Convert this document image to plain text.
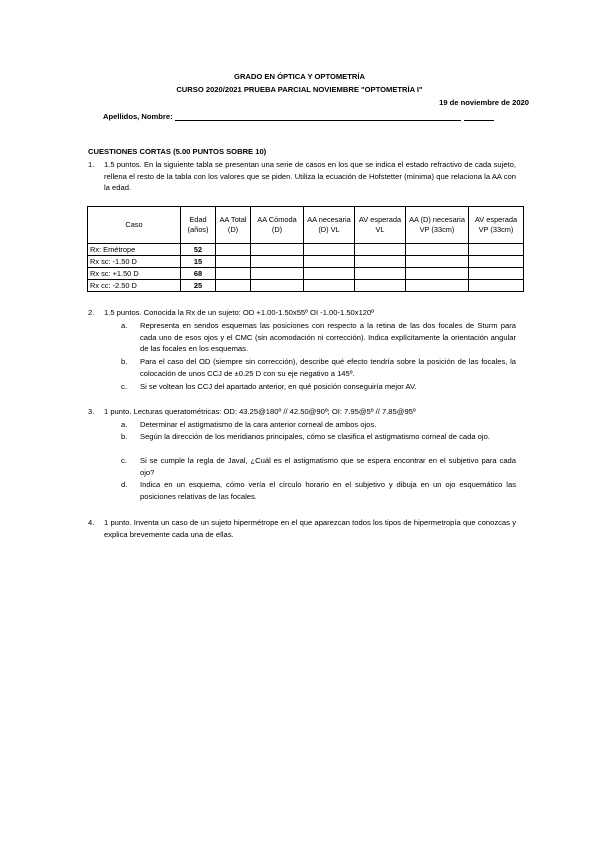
GRADO EN ÓPTICA Y OPTOMETRÍA
CURSO 2020/2021 PRUEBA PARCIAL NOVIEMBRE "OPTOMETRÍA I"
19 de noviembre de 2020
Apellidos, Nombre:
CUESTIONES CORTAS (5.00 PUNTOS SOBRE 10)
1. 1.5 puntos. En la siguiente tabla se presentan una serie de casos en los que se indica el estado refractivo de cada sujeto, rellena el resto de la tabla con los valores que se piden. Utiliza la ecuación de Hofstetter (mínima) que relaciona la AA con la edad.
Caso	Edad (años)	AA Total (D)	AA Cómoda (D)	AA necesaria (D) VL	AV esperada VL	AA (D) necesaria VP (33cm)	AV esperada VP (33cm)
Rx: Emétrope	52						
Rx sc: -1.50 D	15						
Rx sc: +1.50 D	68						
Rx cc: -2.50 D	25						
2. 1.5 puntos. Conocida la Rx de un sujeto: OD +1.00-1.50x55º OI -1.00-1.50x120º
a. Representa en sendos esquemas las posiciones con respecto a la retina de las dos focales de Sturm para cada uno de esos ojos y el CMC (sin acomodación ni corrección). Indica explícitamente la orientación angular de las focales en los esquemas.
b. Para el caso del OD (siempre sin corrección), describe qué efecto tendría sobre la posición de las focales, la colocación de unos CCJ de ±0.25 D con su eje negativo a 145º.
c. Si se voltean los CCJ del apartado anterior, en qué posición conseguiría mejor AV.
3. 1 punto. Lecturas queratométricas: OD: 43.25@180º // 42.50@90º; OI: 7.95@5º // 7.85@95º
a. Determinar el astigmatismo de la cara anterior corneal de ambos ojos.
b. Según la dirección de los meridianos principales, cómo se clasifica el astigmatismo corneal de cada ojo.
c. Si se cumple la regla de Javal, ¿Cuál es el astigmatismo que se espera encontrar en el subjetivo para cada ojo?
d. Indica en un esquema, cómo vería el círculo horario en el subjetivo y dibuja en un ojo esquemático las posiciones relativas de las focales.
4. 1 punto. Inventa un caso de un sujeto hipermétrope en el que aparezcan todos los tipos de hipermetropía que conozcas y explica brevemente cada una de ellas.
